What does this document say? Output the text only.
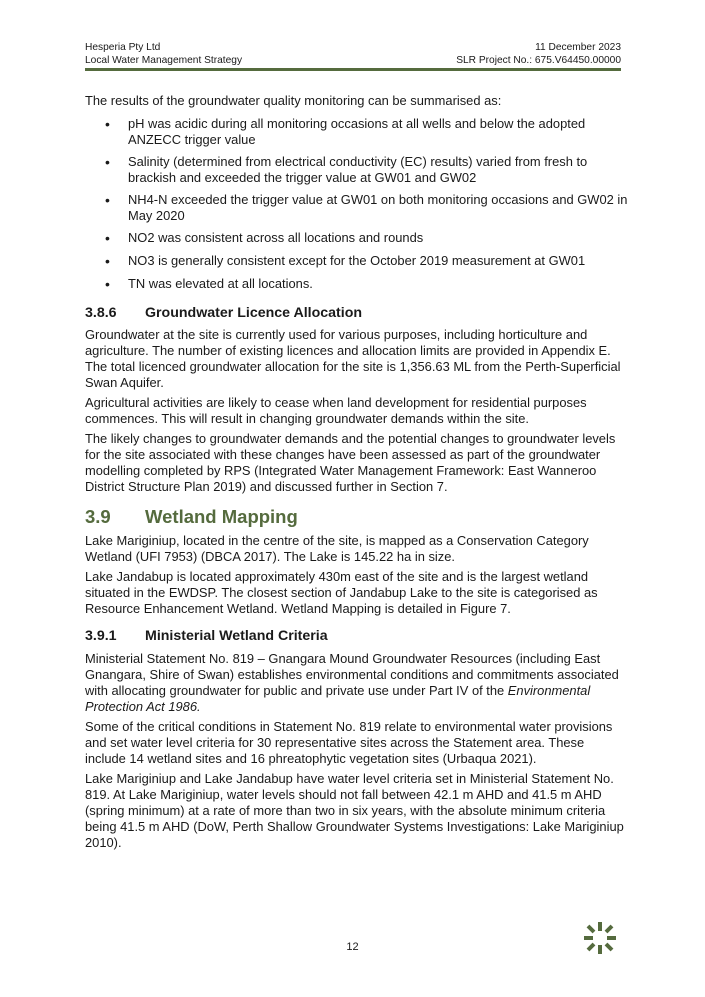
Hesperia Pty Ltd	11 December 2023
Local Water Management Strategy	SLR Project No.: 675.V64450.00000

The results of the groundwater quality monitoring can be summarised as:

• pH was acidic during all monitoring occasions at all wells and below the adopted ANZECC trigger value

• Salinity (determined from electrical conductivity (EC) results) varied from fresh to brackish and exceeded the trigger value at GW01 and GW02

• NH4-N exceeded the trigger value at GW01 on both monitoring occasions and GW02 in May 2020

• NO2 was consistent across all locations and rounds

• NO3 is generally consistent except for the October 2019 measurement at GW01

• TN was elevated at all locations.

3.8.6 Groundwater Licence Allocation

Groundwater at the site is currently used for various purposes, including horticulture and agriculture. The number of existing licences and allocation limits are provided in Appendix E. The total licenced groundwater allocation for the site is 1,356.63 ML from the Perth-Superficial Swan Aquifer.

Agricultural activities are likely to cease when land development for residential purposes commences. This will result in changing groundwater demands within the site.

The likely changes to groundwater demands and the potential changes to groundwater levels for the site associated with these changes have been assessed as part of the groundwater modelling completed by RPS (Integrated Water Management Framework: East Wanneroo District Structure Plan 2019) and discussed further in Section 7.

3.9 Wetland Mapping

Lake Mariginiup, located in the centre of the site, is mapped as a Conservation Category Wetland (UFI 7953) (DBCA 2017). The Lake is 145.22 ha in size.

Lake Jandabup is located approximately 430m east of the site and is the largest wetland situated in the EWDSP. The closest section of Jandabup Lake to the site is categorised as Resource Enhancement Wetland. Wetland Mapping is detailed in Figure 7.

3.9.1 Ministerial Wetland Criteria

Ministerial Statement No. 819 – Gnangara Mound Groundwater Resources (including East Gnangara, Shire of Swan) establishes environmental conditions and commitments associated with allocating groundwater for public and private use under Part IV of the Environmental Protection Act 1986.

Some of the critical conditions in Statement No. 819 relate to environmental water provisions and set water level criteria for 30 representative sites across the Statement area. These include 14 wetland sites and 16 phreatophytic vegetation sites (Urbaqua 2021).

Lake Mariginiup and Lake Jandabup have water level criteria set in Ministerial Statement No. 819. At Lake Mariginiup, water levels should not fall between 42.1 m AHD and 41.5 m AHD (spring minimum) at a rate of more than two in six years, with the absolute minimum criteria being 41.5 m AHD (DoW, Perth Shallow Groundwater Systems Investigations: Lake Mariginiup 2010).

12
